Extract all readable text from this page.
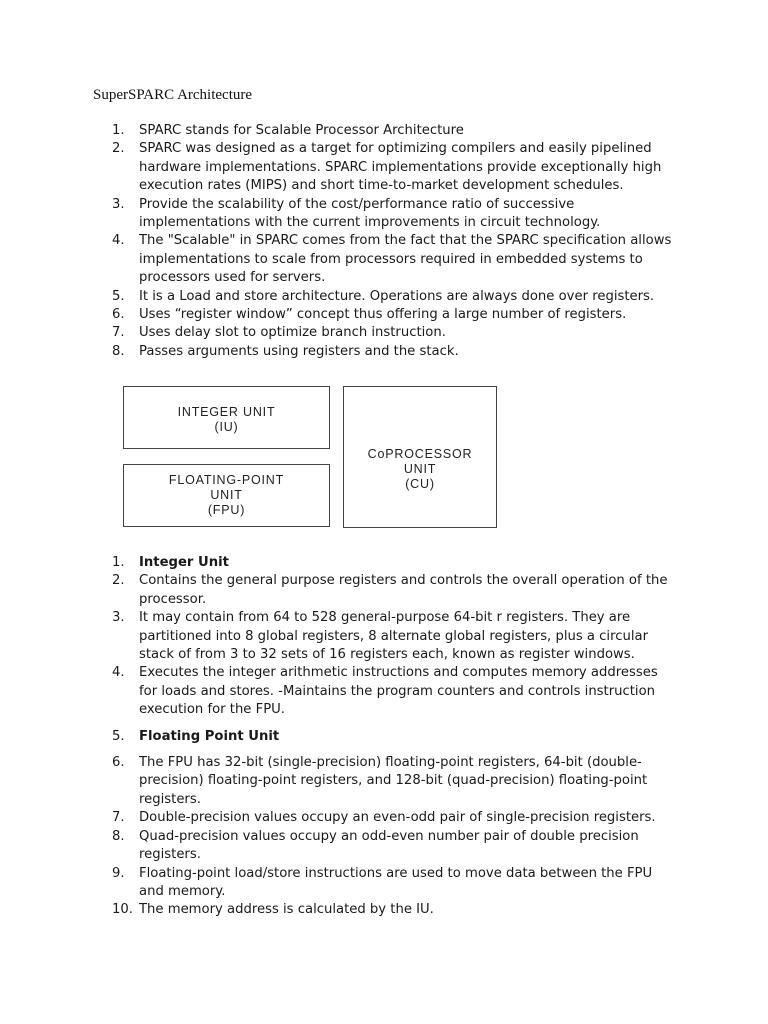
SuperSPARC Architecture
1.	SPARC stands for Scalable Processor Architecture
2.	SPARC was designed as a target for optimizing compilers and easily pipelined hardware implementations. SPARC implementations provide exceptionally high execution rates (MIPS) and short time-to-market development schedules.
3.	Provide the scalability of the cost/performance ratio of successive implementations with the current improvements in circuit technology.
4.	The "Scalable" in SPARC comes from the fact that the SPARC specification allows implementations to scale from processors required in embedded systems to processors used for servers.
5.	It is a Load and store architecture. Operations are always done over registers.
6.	Uses “register window” concept thus offering a large number of registers.
7.	Uses delay slot to optimize branch instruction.
8.	Passes arguments using registers and the stack.
INTEGER UNIT
(IU)
FLOATING-POINT
UNIT
(FPU)
CoPROCESSOR
UNIT
(CU)
1.	Integer Unit
2.	Contains the general purpose registers and controls the overall operation of the processor.
3.	It may contain from 64 to 528 general-purpose 64-bit r registers. They are partitioned into 8 global registers, 8 alternate global registers, plus a circular stack of from 3 to 32 sets of 16 registers each, known as register windows.
4.	Executes the integer arithmetic instructions and computes memory addresses for loads and stores. -Maintains the program counters and controls instruction execution for the FPU.
5.	Floating Point Unit
6.	The FPU has 32-bit (single-precision) floating-point registers, 64-bit (double-precision) floating-point registers, and 128-bit (quad-precision) floating-point registers.
7.	Double-precision values occupy an even-odd pair of single-precision registers.
8.	Quad-precision values occupy an odd-even number pair of double precision registers.
9.	Floating-point load/store instructions are used to move data between the FPU and memory.
10. The memory address is calculated by the IU.
